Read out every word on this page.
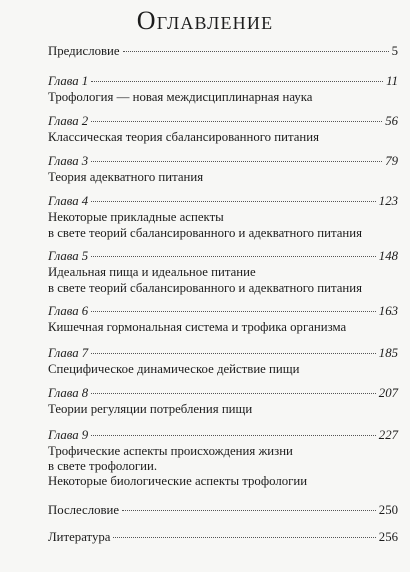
Оглавление
Предисловие	5
Глава 1	11
Трофология — новая междисциплинарная наука
Глава 2	56
Классическая теория сбалансированного питания
Глава 3	79
Теория адекватного питания
Глава 4	123
Некоторые прикладные аспекты
в свете теорий сбалансированного и адекватного питания
Глава 5	148
Идеальная пища и идеальное питание
в свете теорий сбалансированного и адекватного питания
Глава 6	163
Кишечная гормональная система и трофика организма
Глава 7	185
Специфическое динамическое действие пищи
Глава 8	207
Теории регуляции потребления пищи
Глава 9	227
Трофические аспекты происхождения жизни
в свете трофологии.
Некоторые биологические аспекты трофологии
Послесловие	250
Литература	256
